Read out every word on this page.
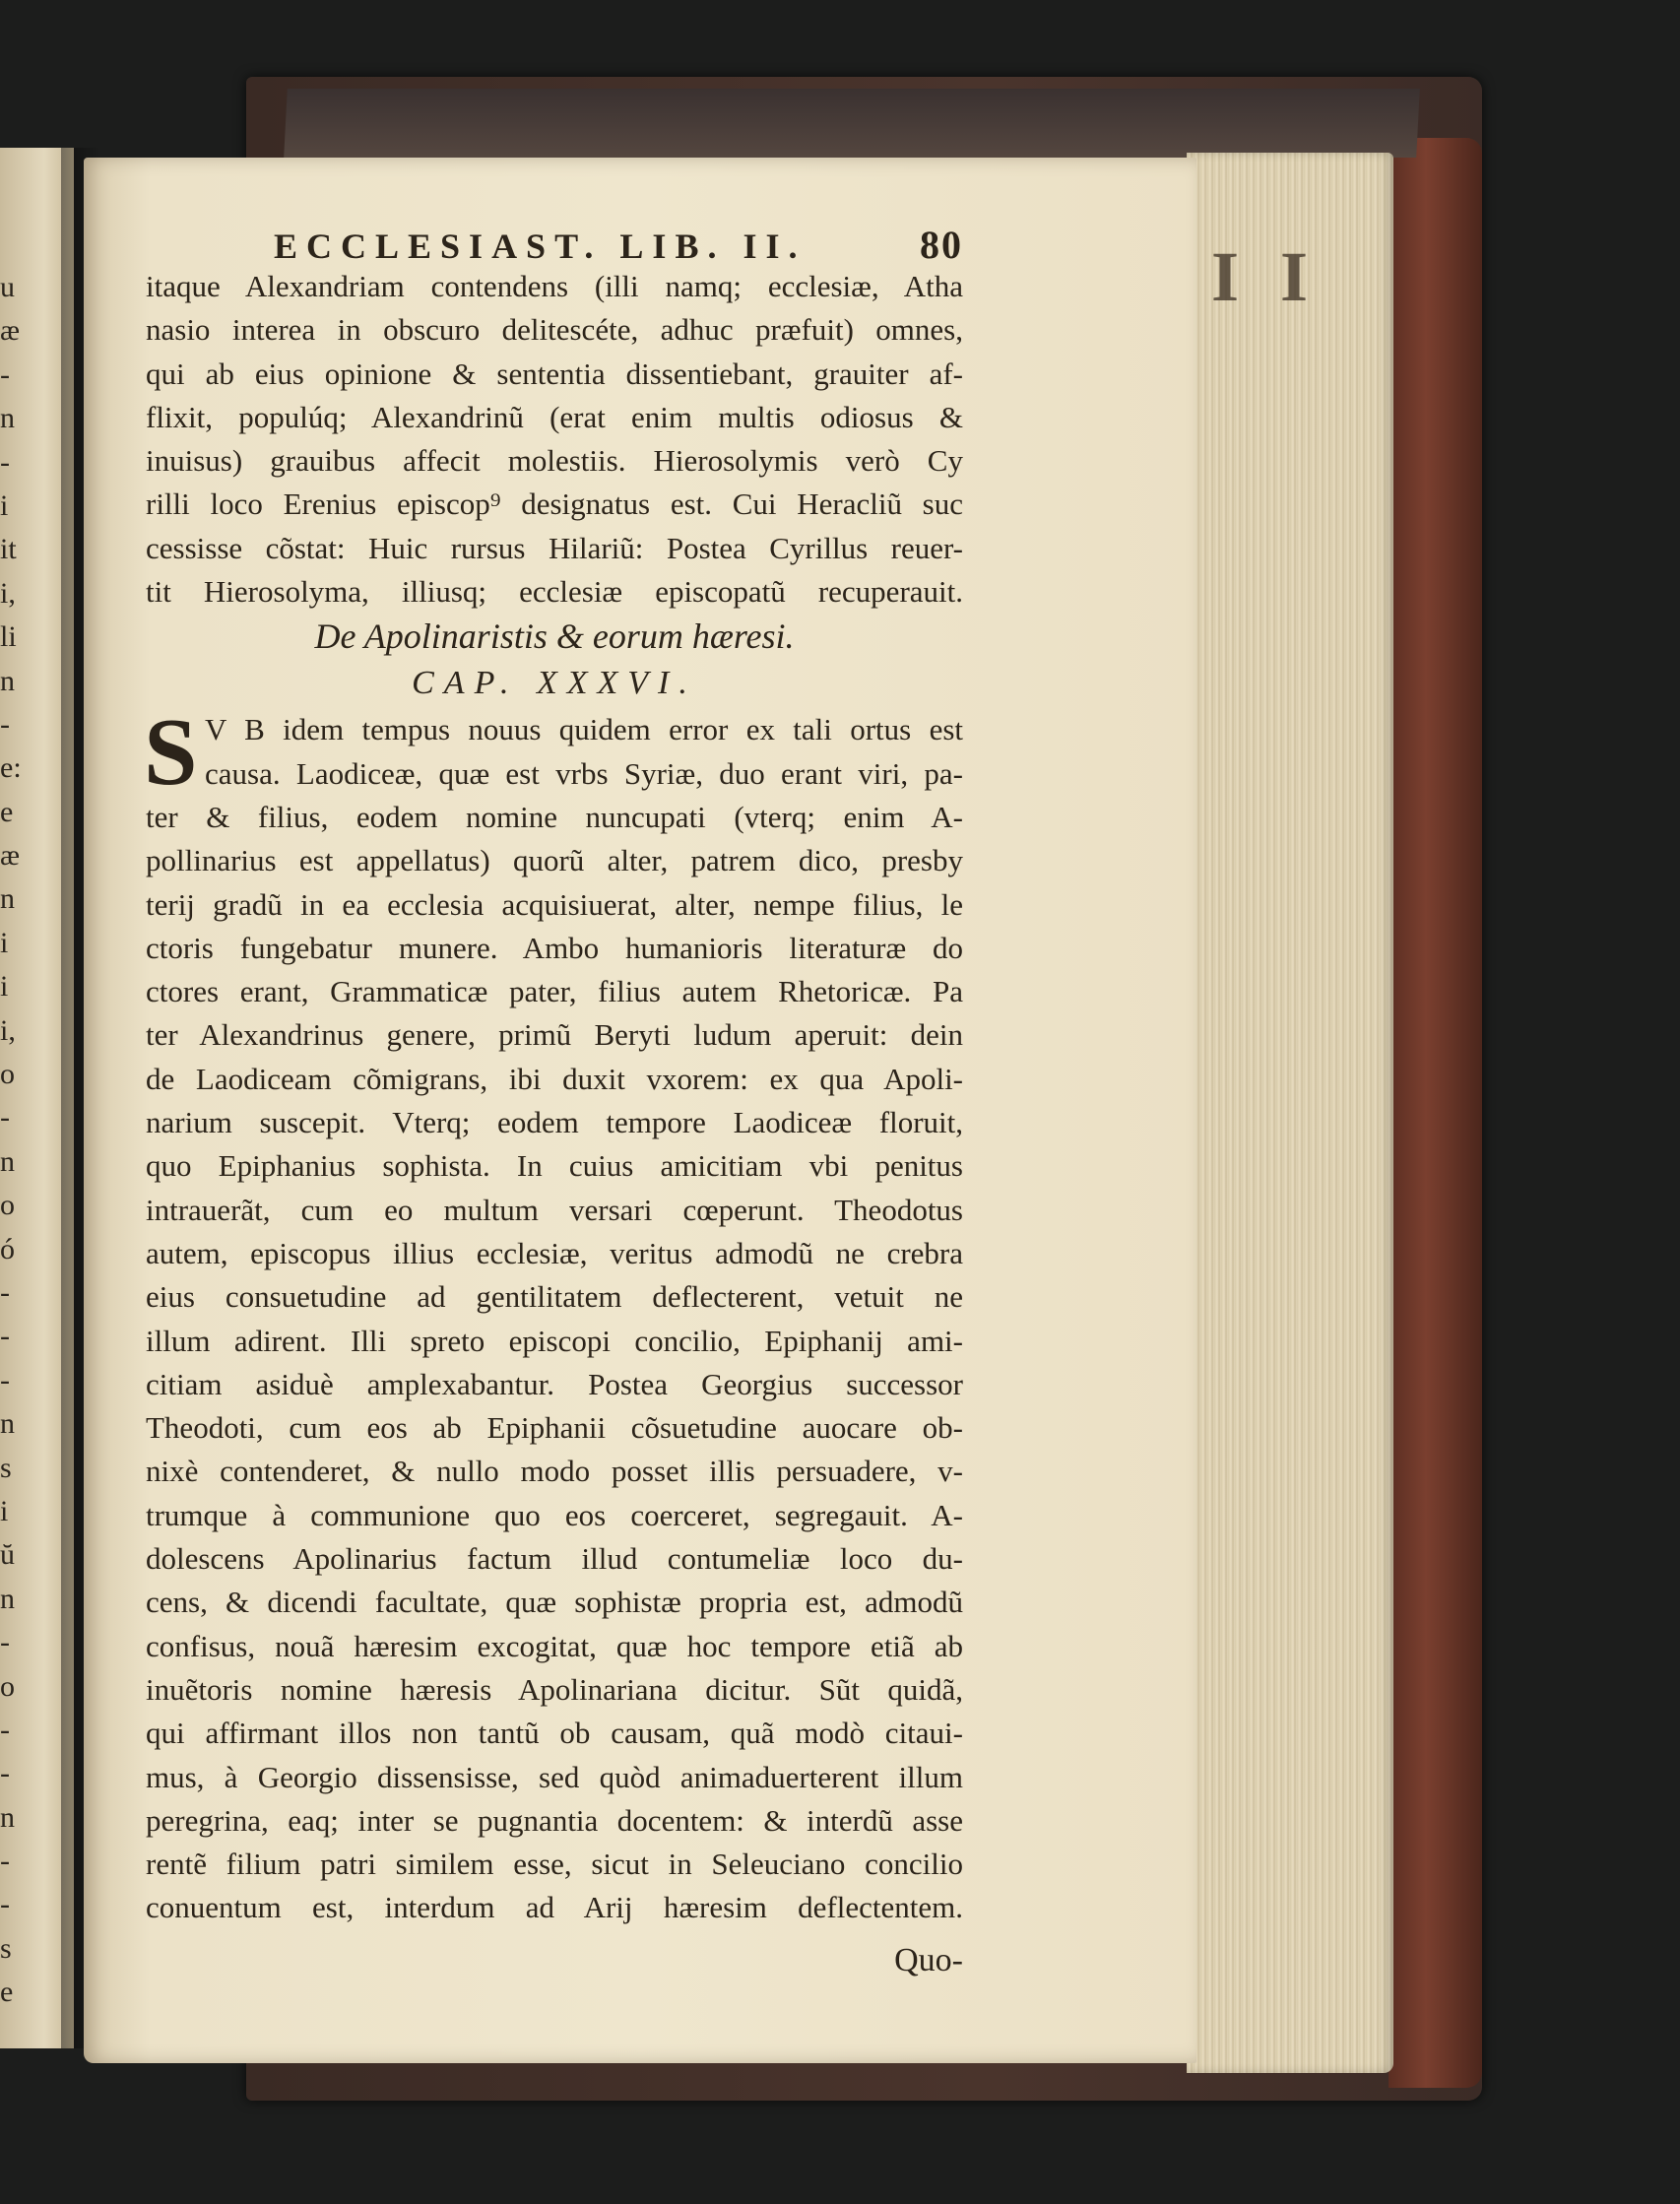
u
æ
-
n
-
i
it
i,
li
n
-
e:
e
æ
n
i
i
i,
o
-
n
o
ó
-
-
-
n
s
i
ŭ
n
-
o
-
-
n
-
-
s
e
I I
ECCLESIAST. LIB. II.	80
itaque Alexandriam contendens (illi namq; ecclesiæ, Atha
nasio interea in obscuro delitescéte, adhuc præfuit) omnes,
qui ab eius opinione & sententia dissentiebant, grauiter af-
flixit, populúq; Alexandrinũ (erat enim multis odiosus &
inuisus) grauibus affecit molestiis. Hierosolymis verò Cy
rilli loco Erenius episcop⁹ designatus est. Cui Heracliũ suc
cessisse cõstat: Huic rursus Hilariũ: Postea Cyrillus reuer-
tit Hierosolyma, illiusq; ecclesiæ episcopatũ recuperauit.
De Apolinaristis & eorum hæresi.
CAP. XXXVI.
S V B idem tempus nouus quidem error ex tali ortus est
causa. Laodiceæ, quæ est vrbs Syriæ, duo erant viri, pa-
ter & filius, eodem nomine nuncupati (vterq; enim A-
pollinarius est appellatus) quorũ alter, patrem dico, presby
terij gradũ in ea ecclesia acquisiuerat, alter, nempe filius, le
ctoris fungebatur munere. Ambo humanioris literaturæ do
ctores erant, Grammaticæ pater, filius autem Rhetoricæ. Pa
ter Alexandrinus genere, primũ Beryti ludum aperuit: dein
de Laodiceam cõmigrans, ibi duxit vxorem: ex qua Apoli-
narium suscepit. Vterq; eodem tempore Laodiceæ floruit,
quo Epiphanius sophista. In cuius amicitiam vbi penitus
intrauerãt, cum eo multum versari cœperunt. Theodotus
autem, episcopus illius ecclesiæ, veritus admodũ ne crebra
eius consuetudine ad gentilitatem deflecterent, vetuit ne
illum adirent. Illi spreto episcopi concilio, Epiphanij ami-
citiam asiduè amplexabantur. Postea Georgius successor
Theodoti, cum eos ab Epiphanii cõsuetudine auocare ob-
nixè contenderet, & nullo modo posset illis persuadere, v-
trumque à communione quo eos coerceret, segregauit. A-
dolescens Apolinarius factum illud contumeliæ loco du-
cens, & dicendi facultate, quæ sophistæ propria est, admodũ
confisus, nouã hæresim excogitat, quæ hoc tempore etiã ab
inuẽtoris nomine hæresis Apolinariana dicitur. Sũt quidã,
qui affirmant illos non tantũ ob causam, quã modò citaui-
mus, à Georgio dissensisse, sed quòd animaduerterent illum
peregrina, eaq; inter se pugnantia docentem: & interdũ asse
rentẽ filium patri similem esse, sicut in Seleuciano concilio
conuentum est, interdum ad Arij hæresim deflectentem.
Quo-
